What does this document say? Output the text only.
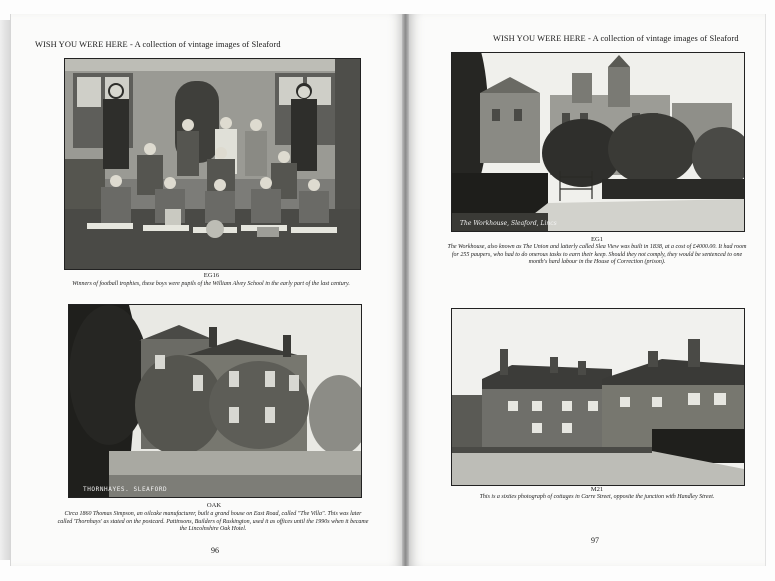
WISH YOU WERE HERE - A collection of vintage images of Sleaford
EG16
Winners of football trophies, these boys were pupils of the William Alvey School in the early part of the last century.
THORNHAYES. SLEAFORD
OAK
Circa 1860 Thomas Simpson, an oilcake manufacturer, built a grand house on East Road, called "The Villa". This was later called 'Thornhays' as stated on the postcard. Pattinsons, Builders of Ruskington, used it as offices until the 1990s when it became the Lincolnshire Oak Hotel.
96
WISH YOU WERE HERE - A collection of vintage images of Sleaford
The Workhouse, Sleaford, Lincs
EG1
The Workhouse, also known as The Union and latterly called Slea View was built in 1838, at a cost of £4000.00. It had room for 255 paupers, who had to do onerous tasks to earn their keep. Should they not comply, they would be sentenced to one month's hard labour in the House of Correction (prison).
M21
This is a sixties photograph of cottages in Carre Street, opposite the junction with Handley Street.
97
